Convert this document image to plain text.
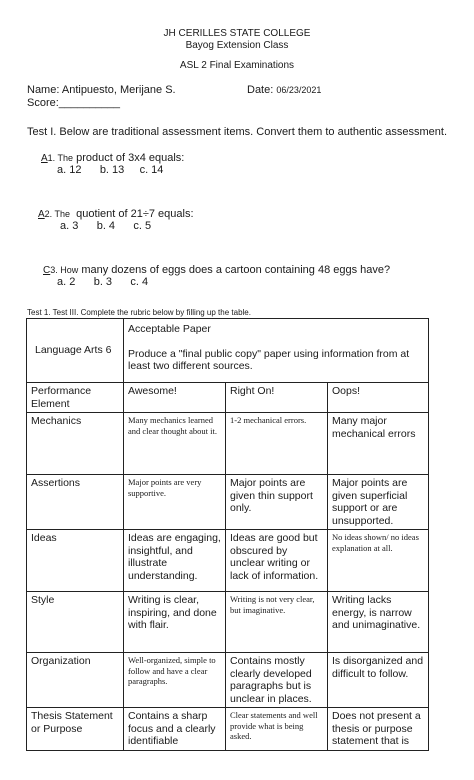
JH CERILLES STATE COLLEGE
Bayog Extension Class
ASL 2 Final Examinations
Name: Antipuesto, Merijane S.	Date: 06/23/2021
Score:__________
Test I. Below are traditional assessment items. Convert them to authentic assessment.
A1. The product of 3x4 equals:
a. 12 b. 13 c. 14
A2. The quotient of 21÷7 equals:
a. 3 b. 4 c. 5
C3. How many dozens of eggs does a cartoon containing 48 eggs have?
a. 2 b. 3 c. 4
Test 1. Test III. Complete the rubric below by filling up the table.
Language Arts 6	Acceptable Paper
Produce a "final public copy" paper using information from at least two different sources.		

Performance Element	Awesome!	Right On!	Oops!
Mechanics	Many mechanics learned and clear thought about it.	1-2 mechanical errors.	Many major mechanical errors
Assertions	Major points are very supportive.	Major points are given thin support only.	Major points are given superficial support or are unsupported.
Ideas	Ideas are engaging, insightful, and illustrate understanding.	Ideas are good but obscured by unclear writing or lack of information.	No ideas shown/ no ideas explanation at all.
Style	Writing is clear, inspiring, and done with flair.	Writing is not very clear, but imaginative.	Writing lacks energy, is narrow and unimaginative.
Organization	Well-organized, simple to follow and have a clear paragraphs.	Contains mostly clearly developed paragraphs but is unclear in places.	Is disorganized and difficult to follow.
Thesis Statement or Purpose	Contains a sharp focus and a clearly identifiable	Clear statements and well provide what is being asked.	Does not present a thesis or purpose statement that is
